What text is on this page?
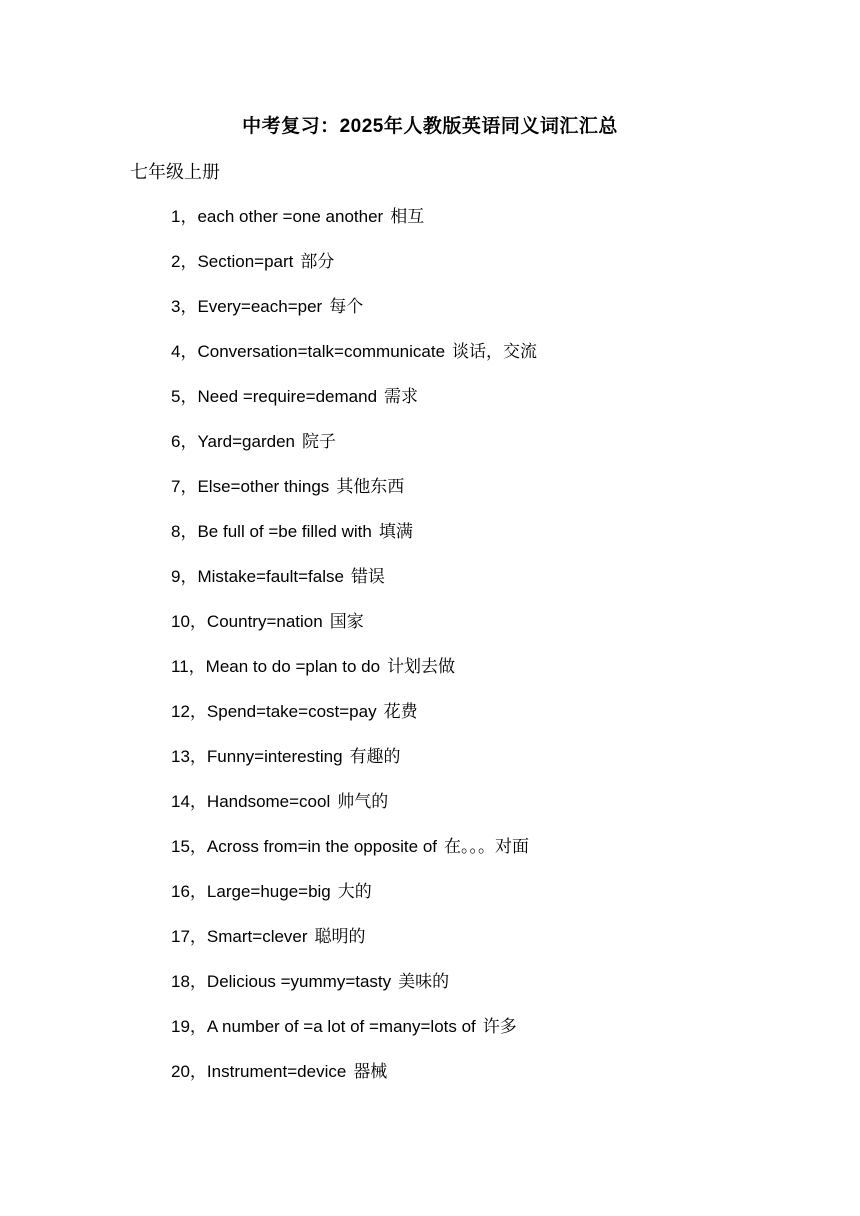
中考复习：2025年人教版英语同义词汇汇总
七年级上册
1，each other =one another 相互
2，Section=part 部分
3，Every=each=per 每个
4，Conversation=talk=communicate 谈话，交流
5，Need =require=demand 需求
6，Yard=garden 院子
7，Else=other things 其他东西
8，Be full of =be filled with 填满
9，Mistake=fault=false 错误
10，Country=nation 国家
11，Mean to do =plan to do 计划去做
12，Spend=take=cost=pay 花费
13，Funny=interesting 有趣的
14，Handsome=cool 帅气的
15，Across from=in the opposite of 在。。。对面
16，Large=huge=big 大的
17，Smart=clever 聪明的
18，Delicious =yummy=tasty 美味的
19，A number of =a lot of =many=lots of 许多
20，Instrument=device 器械
